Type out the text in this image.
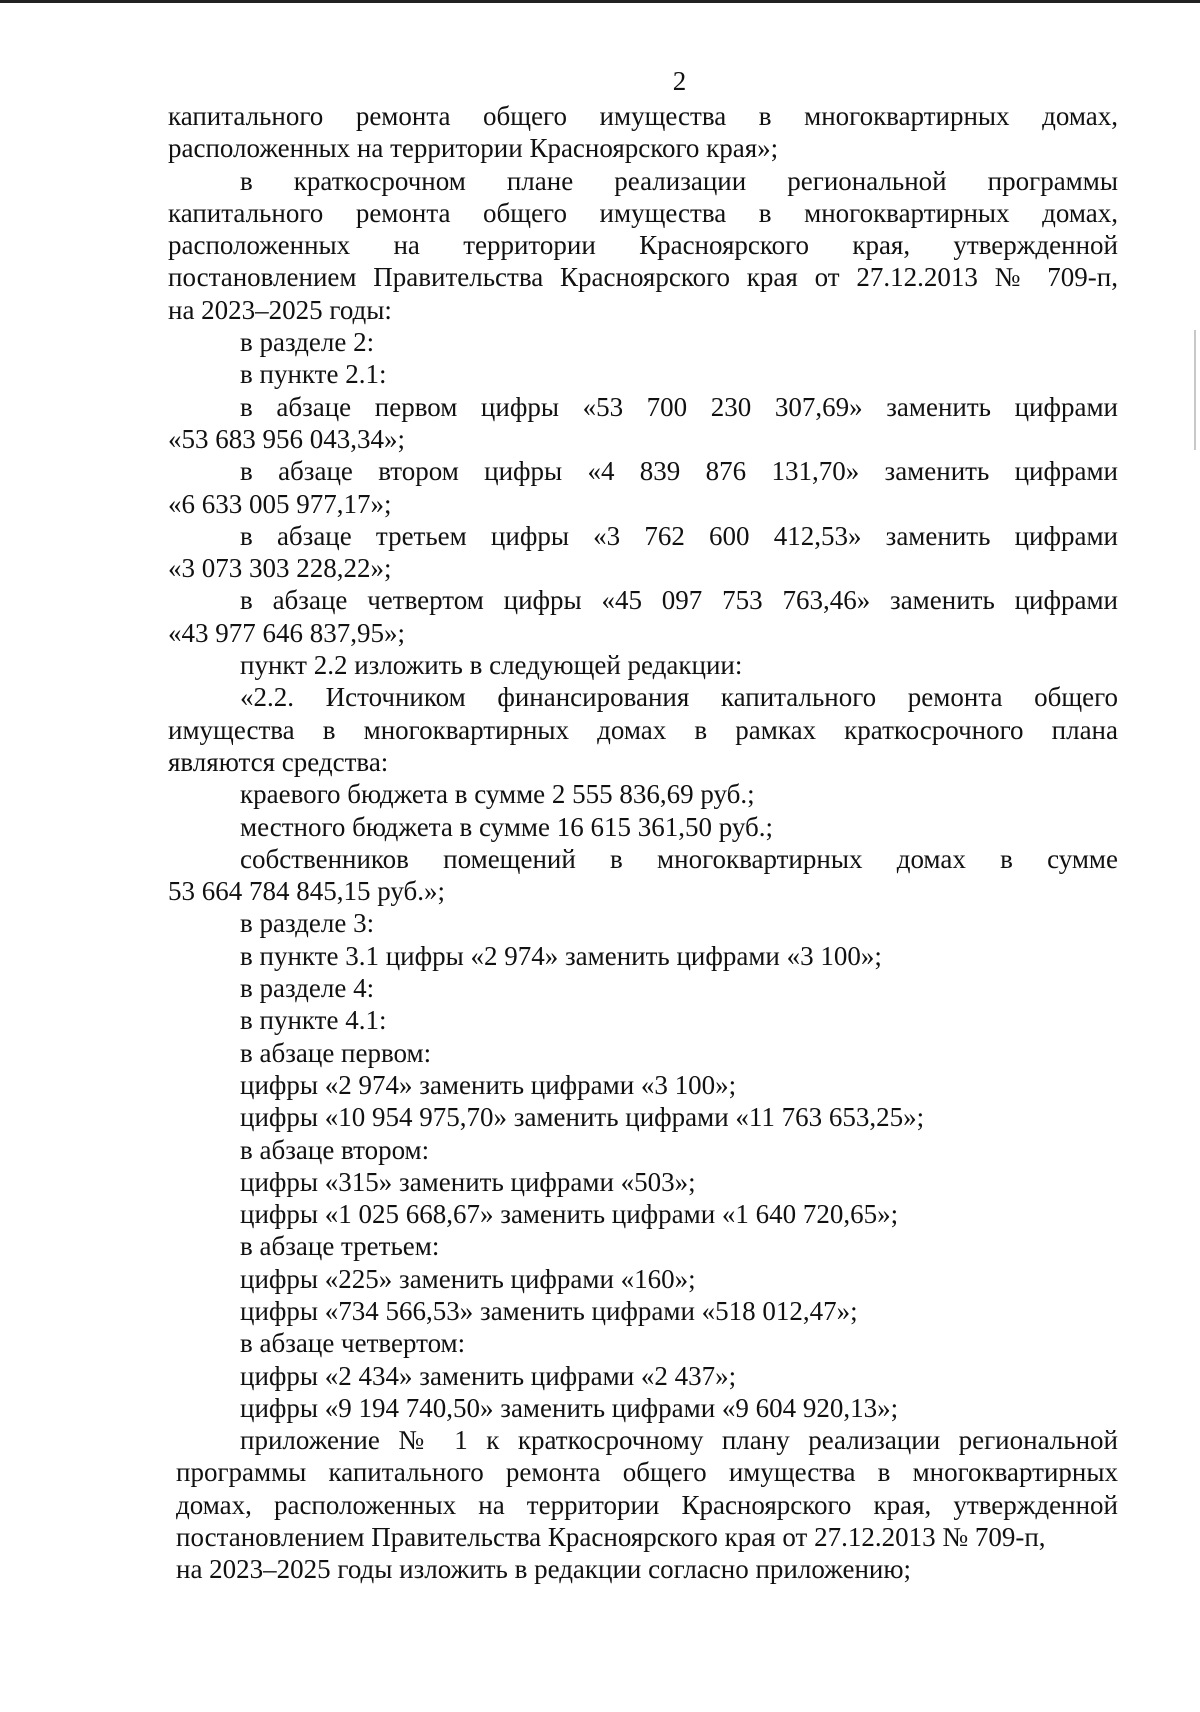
2

капитального ремонта общего имущества в многоквартирных домах,

расположенных на территории Красноярского края»;

в краткосрочном плане реализации региональной программы

капитального ремонта общего имущества в многоквартирных домах,

расположенных на территории Красноярского края, утвержденной

постановлением Правительства Красноярского края от 27.12.2013 № 709-п,

на 2023–2025 годы:

в разделе 2:

в пункте 2.1:

в абзаце первом цифры «53 700 230 307,69» заменить цифрами

«53 683 956 043,34»;

в абзаце втором цифры «4 839 876 131,70» заменить цифрами

«6 633 005 977,17»;

в абзаце третьем цифры «3 762 600 412,53» заменить цифрами

«3 073 303 228,22»;

в абзаце четвертом цифры «45 097 753 763,46» заменить цифрами

«43 977 646 837,95»;

пункт 2.2 изложить в следующей редакции:

«2.2. Источником финансирования капитального ремонта общего

имущества в многоквартирных домах в рамках краткосрочного плана

являются средства:

краевого бюджета в сумме 2 555 836,69 руб.;

местного бюджета в сумме 16 615 361,50 руб.;

собственников помещений в многоквартирных домах в сумме

53 664 784 845,15 руб.»;

в разделе 3:

в пункте 3.1 цифры «2 974» заменить цифрами «3 100»;

в разделе 4:

в пункте 4.1:

в абзаце первом:

цифры «2 974» заменить цифрами «3 100»;

цифры «10 954 975,70» заменить цифрами «11 763 653,25»;

в абзаце втором:

цифры «315» заменить цифрами «503»;

цифры «1 025 668,67» заменить цифрами «1 640 720,65»;

в абзаце третьем:

цифры «225» заменить цифрами «160»;

цифры «734 566,53» заменить цифрами «518 012,47»;

в абзаце четвертом:

цифры «2 434» заменить цифрами «2 437»;

цифры «9 194 740,50» заменить цифрами «9 604 920,13»;

приложение № 1 к краткосрочному плану реализации региональной

программы капитального ремонта общего имущества в многоквартирных

домах, расположенных на территории Красноярского края, утвержденной

постановлением Правительства Красноярского края от 27.12.2013 № 709-п,

на 2023–2025 годы изложить в редакции согласно приложению;
